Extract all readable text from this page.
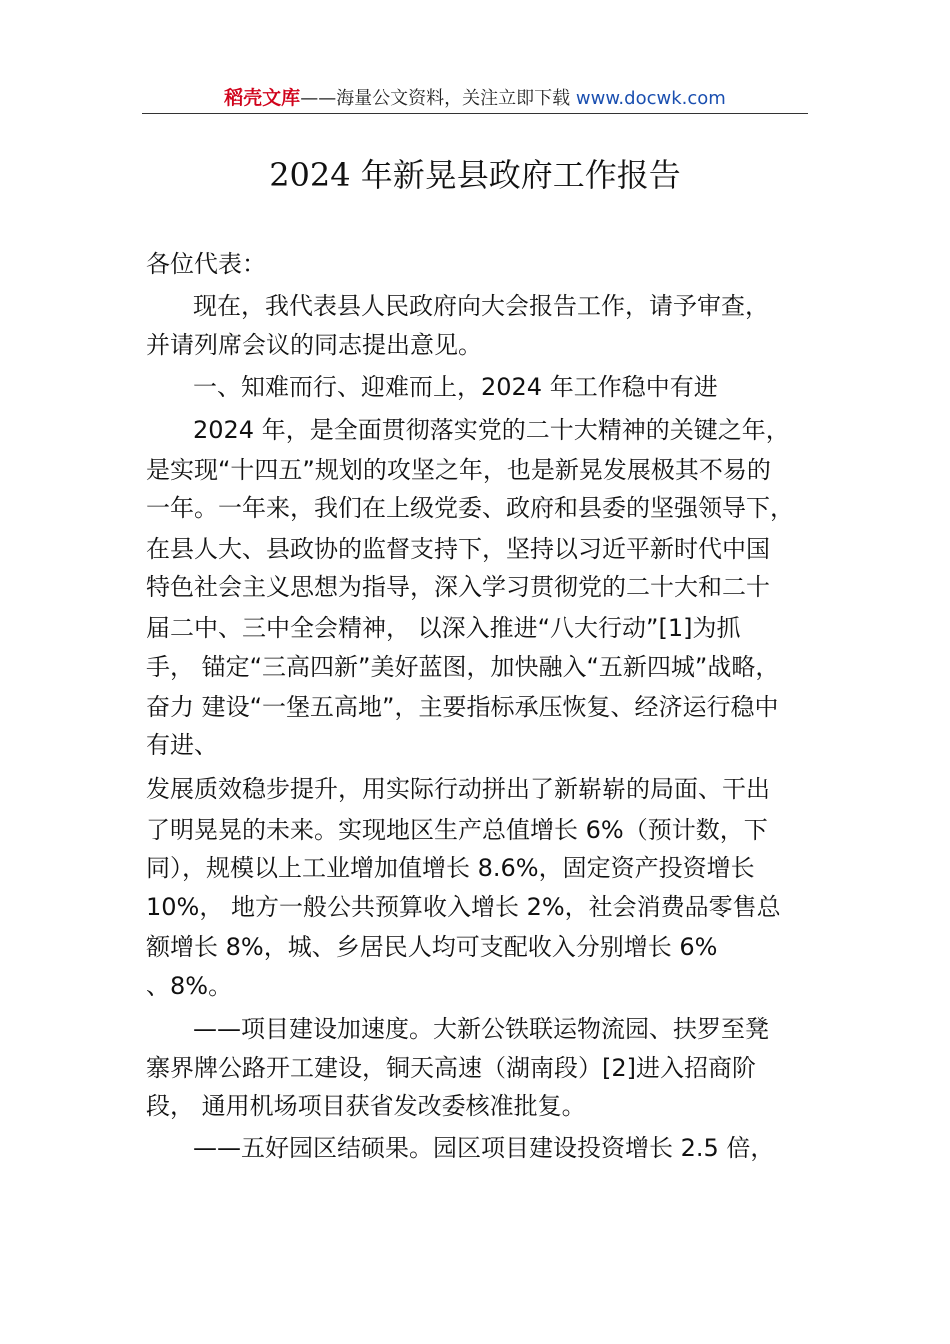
稻壳文库——海量公文资料，关注立即下载 www.docwk.com
2024 年新晃县政府工作报告
各位代表：
现在，我代表县人民政府向大会报告工作，请予审查，
并请列席会议的同志提出意见。
一、知难而行、迎难而上，2024 年工作稳中有进
2024 年，是全面贯彻落实党的二十大精神的关键之年，
是实现“十四五”规划的攻坚之年，也是新晃发展极其不易的
一年。一年来，我们在上级党委、政府和县委的坚强领导下，
在县人大、县政协的监督支持下，坚持以习近平新时代中国
特色社会主义思想为指导，深入学习贯彻党的二十大和二十
届二中、三中全会精神， 以深入推进“八大行动”[1]为抓
手， 锚定“三高四新”美好蓝图，加快融入“五新四城”战略，
奋力 建设“一堡五高地”，主要指标承压恢复、经济运行稳中
有进、
发展质效稳步提升，用实际行动拼出了新崭崭的局面、干出
了明晃晃的未来。实现地区生产总值增长 6%（预计数，下
同），规模以上工业增加值增长 8.6%，固定资产投资增长
10%， 地方一般公共预算收入增长 2%，社会消费品零售总
额增长 8%，城、乡居民人均可支配收入分别增长 6%
、8%。
——项目建设加速度。大新公铁联运物流园、扶罗至凳
寨界牌公路开工建设，铜天高速（湖南段）[2]进入招商阶
段， 通用机场项目获省发改委核准批复。
——五好园区结硕果。园区项目建设投资增长 2.5 倍，
